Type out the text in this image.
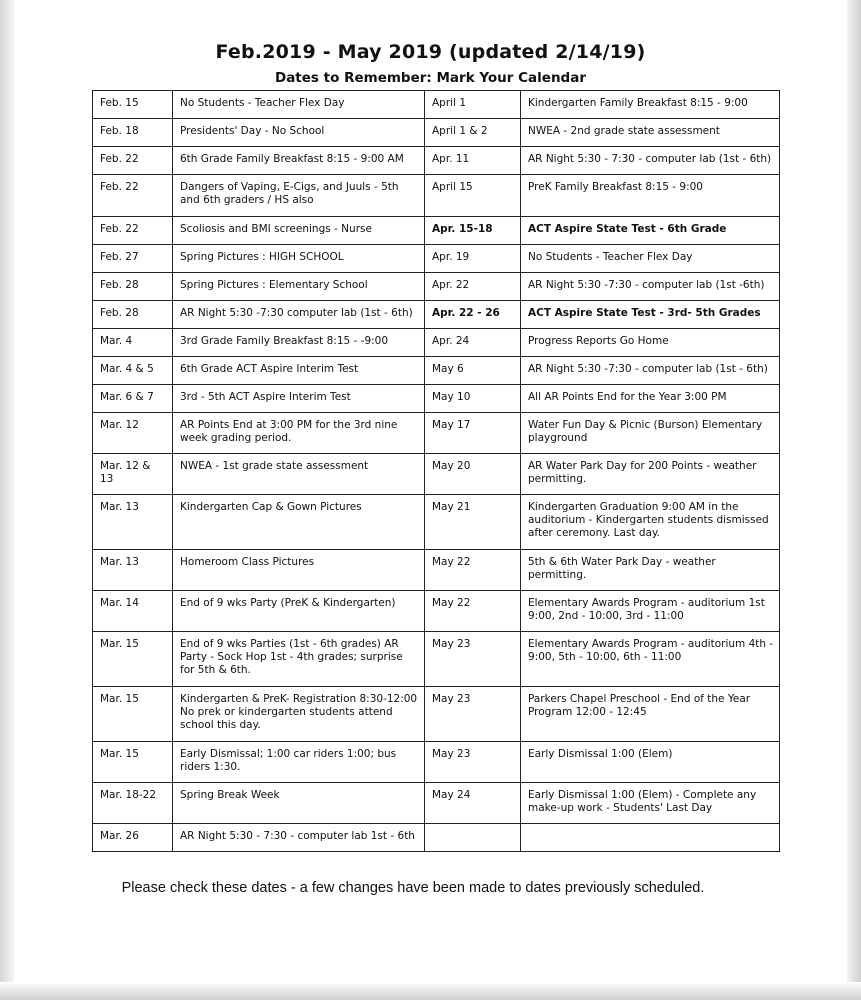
Feb.2019 - May 2019 (updated 2/14/19)
Dates to Remember: Mark Your Calendar
Feb. 15	No Students - Teacher Flex Day	April 1	Kindergarten Family Breakfast 8:15 - 9:00
Feb. 18	Presidents' Day - No School	April 1 & 2	NWEA - 2nd grade state assessment
Feb. 22	6th Grade Family Breakfast 8:15 - 9:00 AM	Apr. 11	AR Night 5:30 - 7:30 - computer lab (1st - 6th)
Feb. 22	Dangers of Vaping, E-Cigs, and Juuls - 5th and 6th graders / HS also	April 15	PreK Family Breakfast 8:15 - 9:00
Feb. 22	Scoliosis and BMI screenings - Nurse	Apr. 15-18	ACT Aspire State Test - 6th Grade
Feb. 27	Spring Pictures : HIGH SCHOOL	Apr. 19	No Students - Teacher Flex Day
Feb. 28	Spring Pictures : Elementary School	Apr. 22	AR Night 5:30 -7:30 - computer lab (1st -6th)
Feb. 28	AR Night 5:30 -7:30 computer lab (1st - 6th)	Apr. 22 - 26	ACT Aspire State Test - 3rd- 5th Grades
Mar. 4	3rd Grade Family Breakfast 8:15 - -9:00	Apr. 24	Progress Reports Go Home
Mar. 4 & 5	6th Grade ACT Aspire Interim Test	May 6	AR Night 5:30 -7:30 - computer lab (1st - 6th)
Mar. 6 & 7	3rd - 5th ACT Aspire Interim Test	May 10	All AR Points End for the Year 3:00 PM
Mar. 12	AR Points End at 3:00 PM for the 3rd nine week grading period.	May 17	Water Fun Day & Picnic (Burson) Elementary playground
Mar. 12 & 13	NWEA - 1st grade state assessment	May 20	AR Water Park Day for 200 Points - weather permitting.
Mar. 13	Kindergarten Cap & Gown Pictures	May 21	Kindergarten Graduation 9:00 AM in the auditorium - Kindergarten students dismissed after ceremony. Last day.
Mar. 13	Homeroom Class Pictures	May 22	5th & 6th Water Park Day - weather permitting.
Mar. 14	End of 9 wks Party (PreK & Kindergarten)	May 22	Elementary Awards Program - auditorium 1st 9:00, 2nd - 10:00, 3rd - 11:00
Mar. 15	End of 9 wks Parties (1st - 6th grades) AR Party - Sock Hop 1st - 4th grades; surprise for 5th & 6th.	May 23	Elementary Awards Program - auditorium 4th - 9:00, 5th - 10:00, 6th - 11:00
Mar. 15	Kindergarten & PreK- Registration 8:30-12:00 No prek or kindergarten students attend school this day.	May 23	Parkers Chapel Preschool - End of the Year Program 12:00 - 12:45
Mar. 15	Early Dismissal; 1:00 car riders 1:00; bus riders 1:30.	May 23	Early Dismissal 1:00 (Elem)
Mar. 18-22	Spring Break Week	May 24	Early Dismissal 1:00 (Elem) - Complete any make-up work - Students' Last Day
Mar. 26	AR Night 5:30 - 7:30 - computer lab 1st - 6th		

Please check these dates - a few changes have been made to dates previously scheduled.
